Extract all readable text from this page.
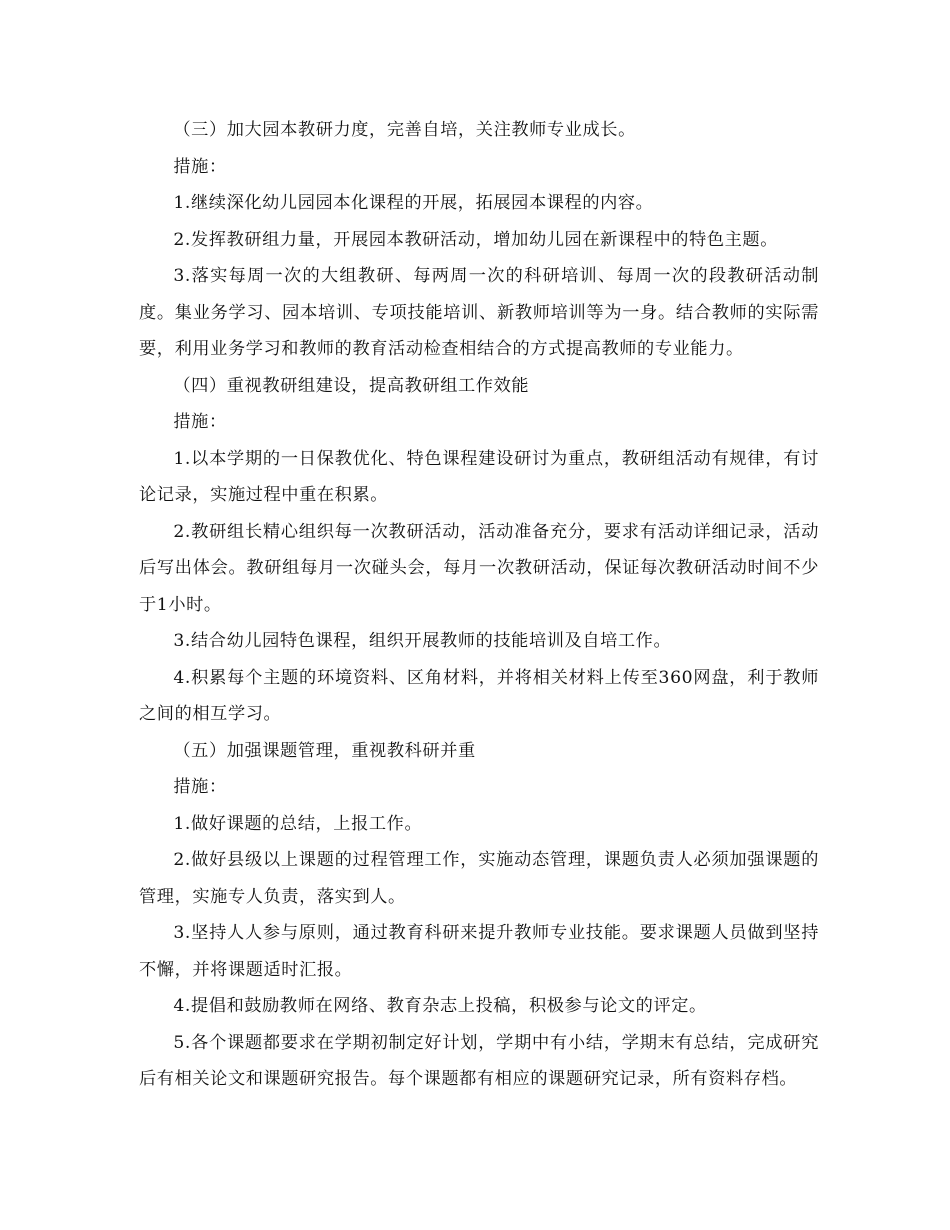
（三）加大园本教研力度，完善自培，关注教师专业成长。

措施：

1.继续深化幼儿园园本化课程的开展，拓展园本课程的内容。

2.发挥教研组力量，开展园本教研活动，增加幼儿园在新课程中的特色主题。

3.落实每周一次的大组教研、每两周一次的科研培训、每周一次的段教研活动制度。集业务学习、园本培训、专项技能培训、新教师培训等为一身。结合教师的实际需要，利用业务学习和教师的教育活动检查相结合的方式提高教师的专业能力。

（四）重视教研组建设，提高教研组工作效能

措施：

1.以本学期的一日保教优化、特色课程建设研讨为重点，教研组活动有规律，有讨论记录，实施过程中重在积累。

2.教研组长精心组织每一次教研活动，活动准备充分，要求有活动详细记录，活动后写出体会。教研组每月一次碰头会，每月一次教研活动，保证每次教研活动时间不少于1小时。

3.结合幼儿园特色课程，组织开展教师的技能培训及自培工作。

4.积累每个主题的环境资料、区角材料，并将相关材料上传至360网盘，利于教师之间的相互学习。

（五）加强课题管理，重视教科研并重

措施：

1.做好课题的总结，上报工作。

2.做好县级以上课题的过程管理工作，实施动态管理，课题负责人必须加强课题的管理，实施专人负责，落实到人。

3.坚持人人参与原则，通过教育科研来提升教师专业技能。要求课题人员做到坚持不懈，并将课题适时汇报。

4.提倡和鼓励教师在网络、教育杂志上投稿，积极参与论文的评定。

5.各个课题都要求在学期初制定好计划，学期中有小结，学期末有总结，完成研究后有相关论文和课题研究报告。每个课题都有相应的课题研究记录，所有资料存档。
